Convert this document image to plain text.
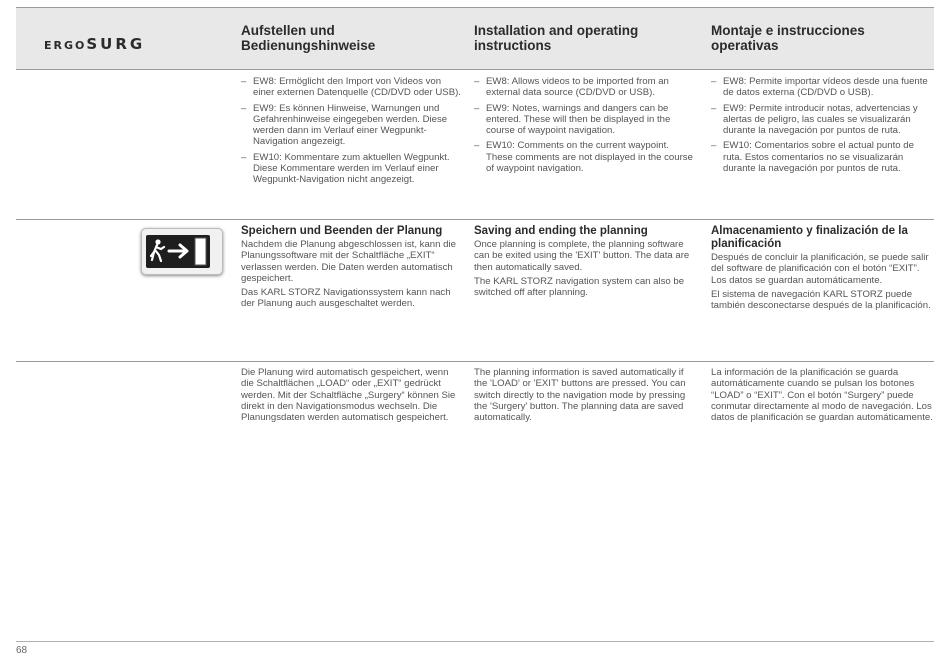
ERGOSURG
Aufstellen und Bedienungshinweise
Installation and operating instructions
Montaje e instrucciones operativas
– EW8: Ermöglicht den Import von Videos von einer externen Datenquelle (CD/DVD oder USB).
– EW9: Es können Hinweise, Warnungen und Gefahrenhinweise eingegeben werden. Diese werden dann im Verlauf einer Wegpunkt-Navigation angezeigt.
– EW10: Kommentare zum aktuellen Wegpunkt. Diese Kommentare werden im Verlauf einer Wegpunkt-Navigation nicht angezeigt.
– EW8: Allows videos to be imported from an external data source (CD/DVD or USB).
– EW9: Notes, warnings and dangers can be entered. These will then be displayed in the course of waypoint navigation.
– EW10: Comments on the current waypoint. These comments are not displayed in the course of waypoint navigation.
– EW8: Permite importar vídeos desde una fuente de datos externa (CD/DVD o USB).
– EW9: Permite introducir notas, advertencias y alertas de peligro, las cuales se visualizarán durante la navegación por puntos de ruta.
– EW10: Comentarios sobre el actual punto de ruta. Estos comentarios no se visualizarán durante la navegación por puntos de ruta.
Speichern und Beenden der Planung

Nachdem die Planung abgeschlossen ist, kann die Planungssoftware mit der Schaltfläche „EXIT“ verlassen werden. Die Daten werden automatisch gespeichert.

Das KARL STORZ Navigationssystem kann nach der Planung auch ausgeschaltet werden.

Saving and ending the planning

Once planning is complete, the planning software can be exited using the 'EXIT' button. The data are then automatically saved.

The KARL STORZ navigation system can also be switched off after planning.

Almacenamiento y finalización de la planificación

Después de concluir la planificación, se puede salir del software de planificación con el botón “EXIT”. Los datos se guardan automáticamente.

El sistema de navegación KARL STORZ puede también desconectarse después de la planificación.

Die Planung wird automatisch gespeichert, wenn die Schaltflächen „LOAD“ oder „EXIT“ gedrückt werden. Mit der Schaltfläche „Surgery“ können Sie direkt in den Navigationsmodus wechseln. Die Planungsdaten werden automatisch gespeichert.

The planning information is saved automatically if the 'LOAD' or 'EXIT' buttons are pressed. You can switch directly to the navigation mode by pressing the 'Surgery' button. The planning data are saved automatically.

La información de la planificación se guarda automáticamente cuando se pulsan los botones “LOAD” o “EXIT”. Con el botón “Surgery” puede conmutar directamente al modo de navegación. Los datos de planificación se guardan automáticamente.

68
